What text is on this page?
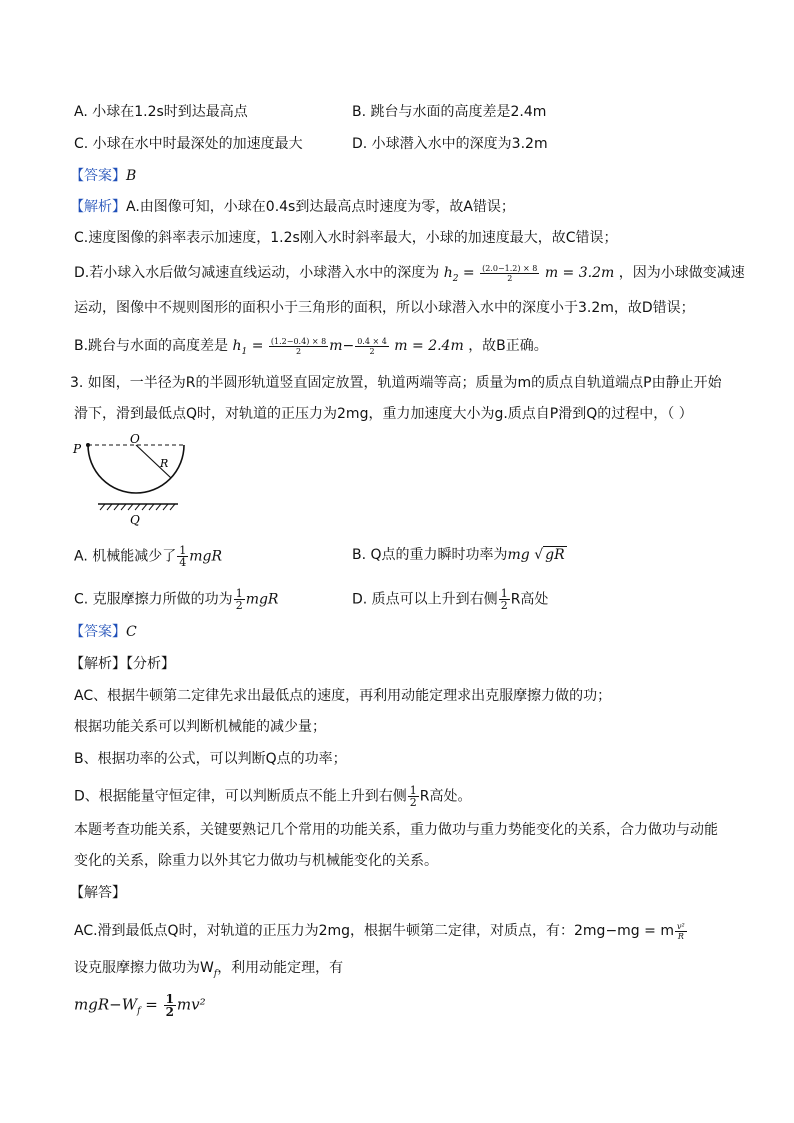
A. 小球在1.2s时到达最高点	B. 跳台与水面的高度差是2.4m
C. 小球在水中时最深处的加速度最大	D. 小球潜入水中的深度为3.2m
【答案】B
【解析】A.由图像可知，小球在0.4s到达最高点时速度为零，故A错误；
C.速度图像的斜率表示加速度，1.2s刚入水时斜率最大，小球的加速度最大，故C错误；
D.若小球入水后做匀减速直线运动，小球潜入水中的深度为 $h_2 = \frac{(2.0-1.2) \times 8}{2}$ m = 3.2m ，因为小球做变减速
运动，图像中不规则图形的面积小于三角形的面积，所以小球潜入水中的深度小于3.2m，故D错误；
B.跳台与水面的高度差是 $h_1 = \frac{(1.2-0.4) \times 8}{2} m- \frac{0.4 \times 4}{2}$ m = 2.4m ，故B正确。
3. 如图，一半径为R的半圆形轨道竖直固定放置，轨道两端等高；质量为m的质点自轨道端点P由静止开始
滑下，滑到最低点Q时，对轨道的正压力为2mg，重力加速度大小为g.质点自P滑到Q的过程中，（ ）
P
O
R
Q
A. 机械能减少了 $\frac{1}{4}$ mgR	B. Q点的重力瞬时功率为mg √ gR
C. 克服摩擦力所做的功为 $\frac{1}{2}$ mgR	D. 质点可以上升到右侧 $\frac{1}{2}$ R高处
【答案】C
【解析】【分析】
AC、根据牛顿第二定律先求出最低点的速度，再利用动能定理求出克服摩擦力做的功；
根据功能关系可以判断机械能的减少量；
B、根据功率的公式，可以判断Q点的功率；
D、根据能量守恒定律，可以判断质点不能上升到右侧 $\frac{1}{2}$ R高处。
本题考查功能关系，关键要熟记几个常用的功能关系，重力做功与重力势能变化的关系，合力做功与动能
变化的关系，除重力以外其它力做功与机械能变化的关系。
【解答】
AC.滑到最低点Q时，对轨道的正压力为2mg，根据牛顿第二定律，对质点，有：2mg−mg = m $\frac{\text{v²}}{R}$
设克服摩擦力做功为$W_f$，利用动能定理，有
$mgR-W_f = \frac{1}{2} mv^2$
